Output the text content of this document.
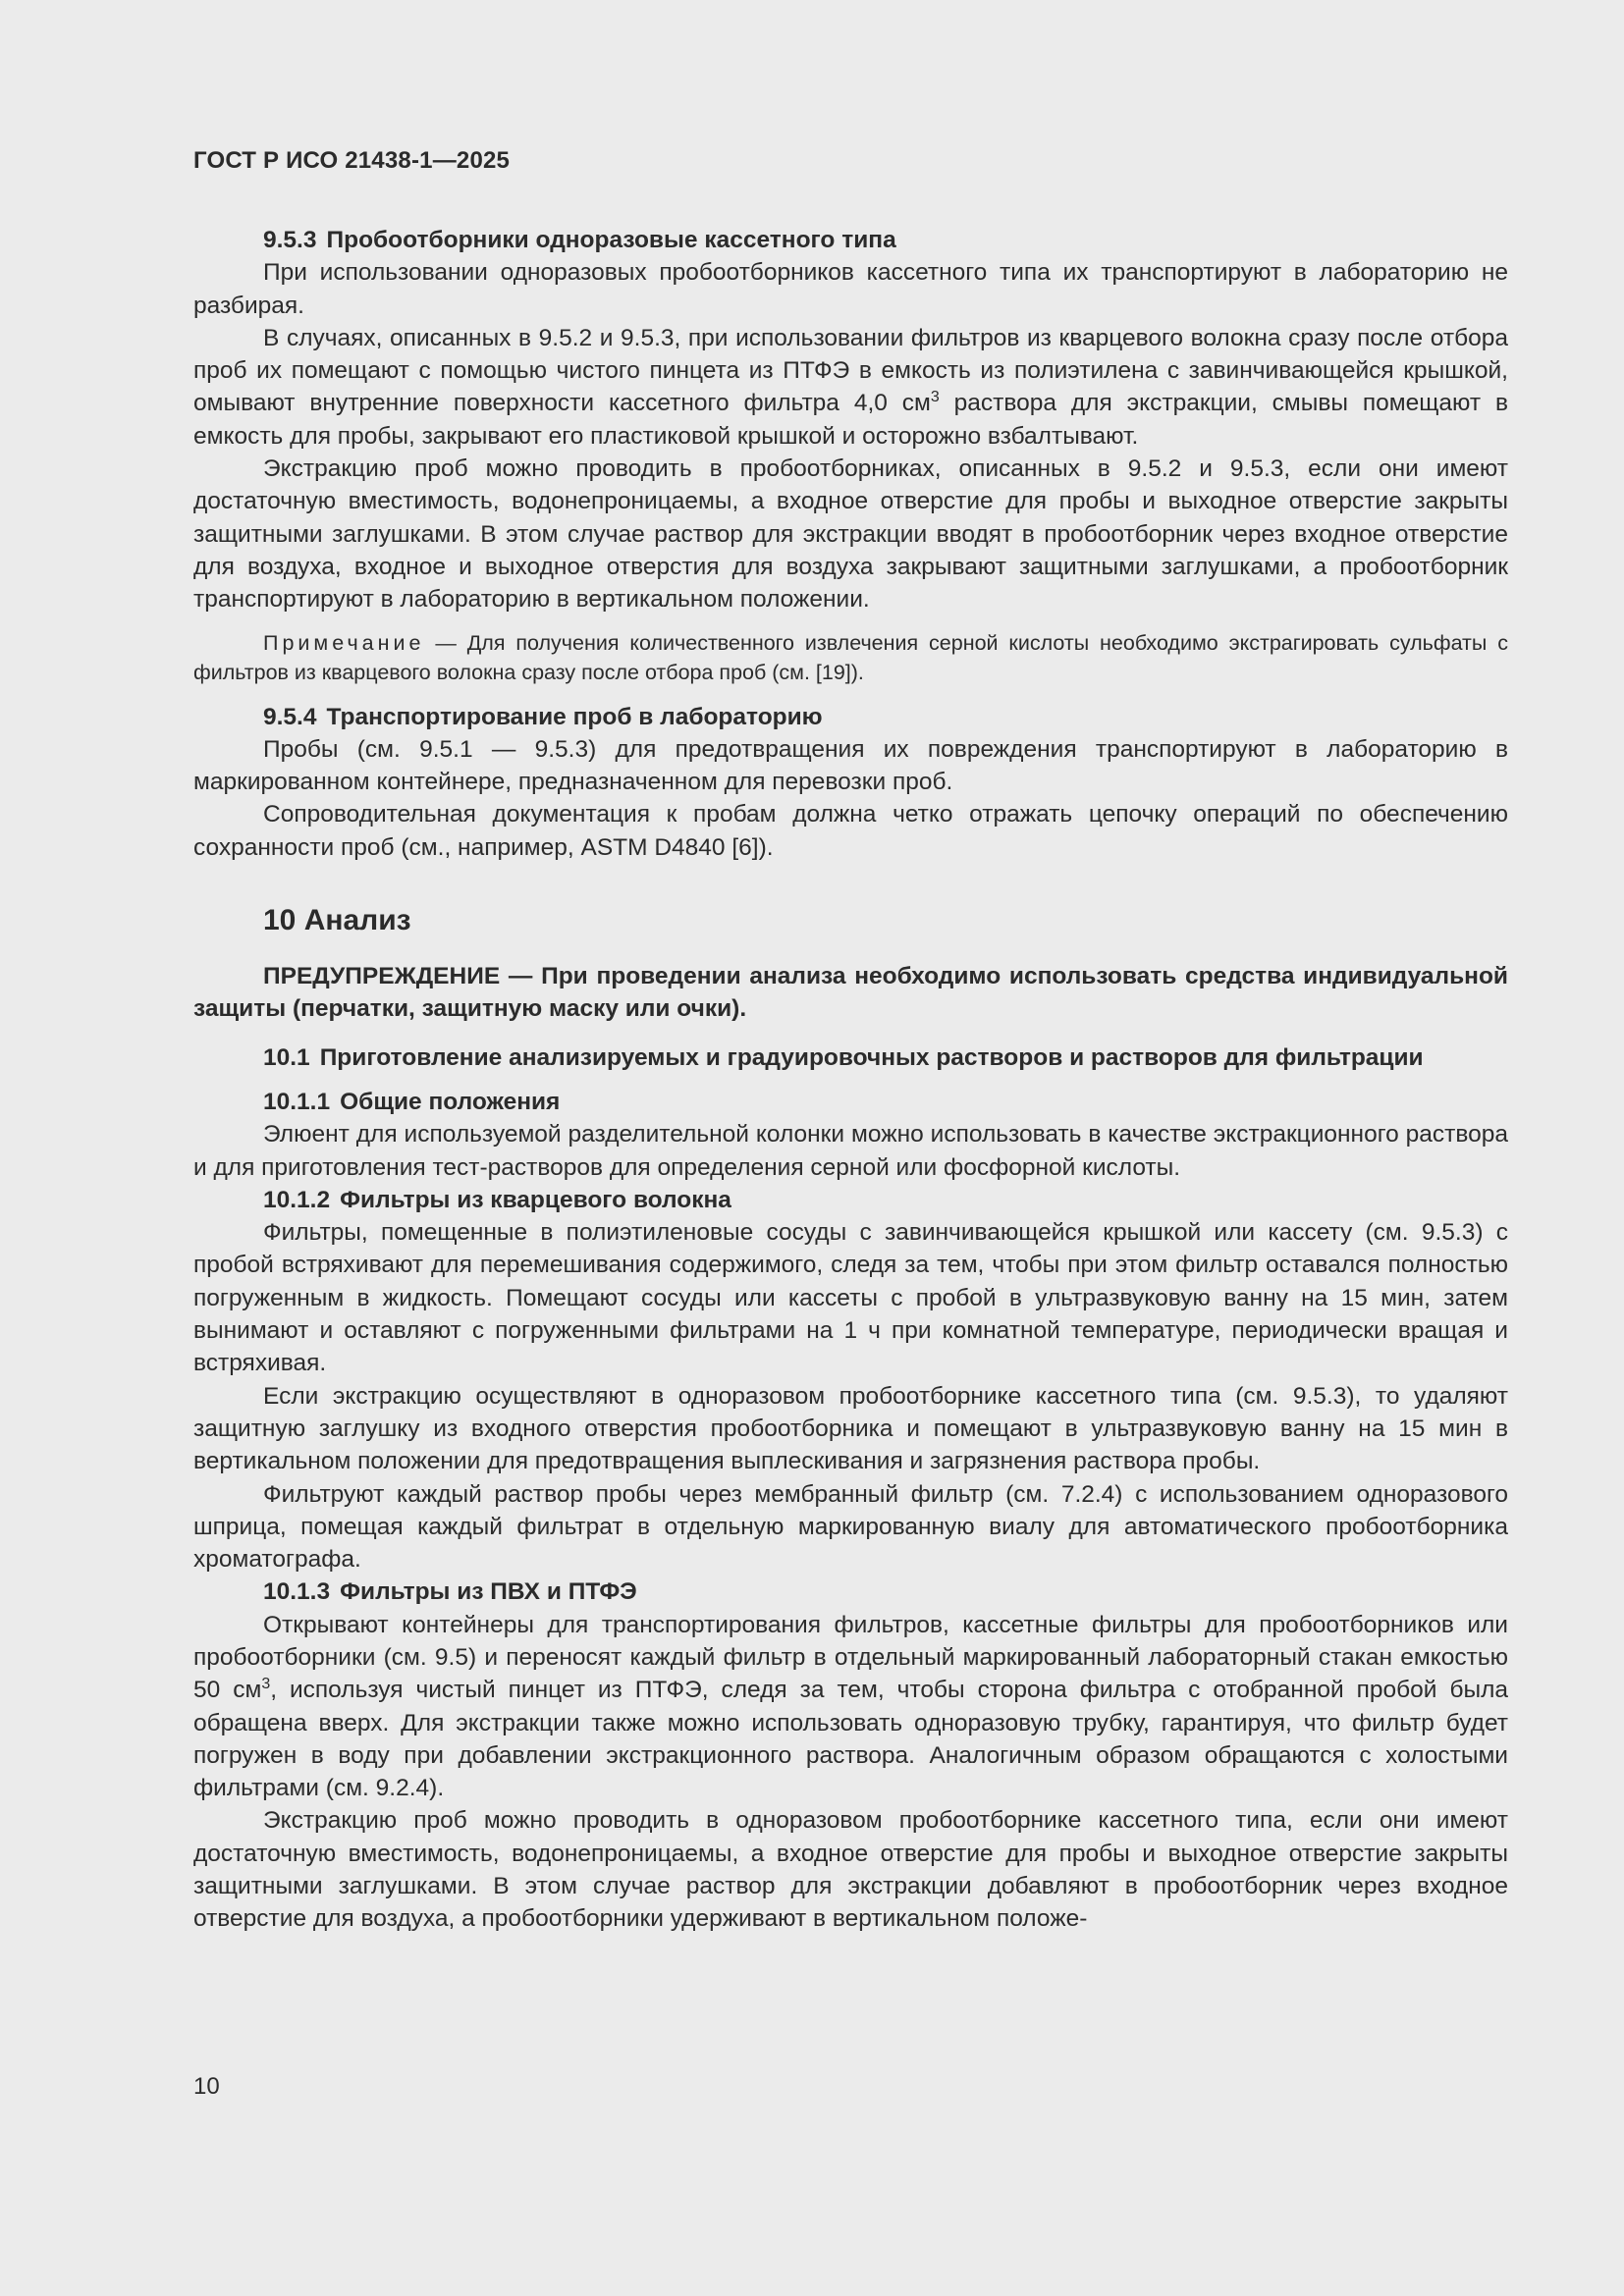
ГОСТ Р ИСО 21438-1—2025
9.5.3 Пробоотборники одноразовые кассетного типа

При использовании одноразовых пробоотборников кассетного типа их транспортируют в лабораторию не разбирая.

В случаях, описанных в 9.5.2 и 9.5.3, при использовании фильтров из кварцевого волокна сразу после отбора проб их помещают с помощью чистого пинцета из ПТФЭ в емкость из полиэтилена с завинчивающейся крышкой, омывают внутренние поверхности кассетного фильтра 4,0 $см^3$ раствора для экстракции, смывы помещают в емкость для пробы, закрывают его пластиковой крышкой и осторожно взбалтывают.

Экстракцию проб можно проводить в пробоотборниках, описанных в 9.5.2 и 9.5.3, если они имеют достаточную вместимость, водонепроницаемы, а входное отверстие для пробы и выходное отверстие закрыты защитными заглушками. В этом случае раствор для экстракции вводят в пробоотборник через входное отверстие для воздуха, входное и выходное отверстия для воздуха закрывают защитными заглушками, а пробоотборник транспортируют в лабораторию в вертикальном положении.

Примечание — Для получения количественного извлечения серной кислоты необходимо экстрагировать сульфаты с фильтров из кварцевого волокна сразу после отбора проб (см. [19]).

9.5.4 Транспортирование проб в лабораторию

Пробы (см. 9.5.1 — 9.5.3) для предотвращения их повреждения транспортируют в лабораторию в маркированном контейнере, предназначенном для перевозки проб.

Сопроводительная документация к пробам должна четко отражать цепочку операций по обеспечению сохранности проб (см., например, ASTM D4840 [6]).

10 Анализ

ПРЕДУПРЕЖДЕНИЕ — При проведении анализа необходимо использовать средства индивидуальной защиты (перчатки, защитную маску или очки).

10.1 Приготовление анализируемых и градуировочных растворов и растворов для фильтрации
10.1.1 Общие положения

Элюент для используемой разделительной колонки можно использовать в качестве экстракционного раствора и для приготовления тест-растворов для определения серной или фосфорной кислоты.

10.1.2 Фильтры из кварцевого волокна

Фильтры, помещенные в полиэтиленовые сосуды с завинчивающейся крышкой или кассету (см. 9.5.3) с пробой встряхивают для перемешивания содержимого, следя за тем, чтобы при этом фильтр оставался полностью погруженным в жидкость. Помещают сосуды или кассеты с пробой в ультразвуковую ванну на 15 мин, затем вынимают и оставляют с погруженными фильтрами на 1 ч при комнатной температуре, периодически вращая и встряхивая.

Если экстракцию осуществляют в одноразовом пробоотборнике кассетного типа (см. 9.5.3), то удаляют защитную заглушку из входного отверстия пробоотборника и помещают в ультразвуковую ванну на 15 мин в вертикальном положении для предотвращения выплескивания и загрязнения раствора пробы.

Фильтруют каждый раствор пробы через мембранный фильтр (см. 7.2.4) с использованием одноразового шприца, помещая каждый фильтрат в отдельную маркированную виалу для автоматического пробоотборника хроматографа.

10.1.3 Фильтры из ПВХ и ПТФЭ

Открывают контейнеры для транспортирования фильтров, кассетные фильтры для пробоотборников или пробоотборники (см. 9.5) и переносят каждый фильтр в отдельный маркированный лабораторный стакан емкостью 50 $см^3$, используя чистый пинцет из ПТФЭ, следя за тем, чтобы сторона фильтра с отобранной пробой была обращена вверх. Для экстракции также можно использовать одноразовую трубку, гарантируя, что фильтр будет погружен в воду при добавлении экстракционного раствора. Аналогичным образом обращаются с холостыми фильтрами (см. 9.2.4).

Экстракцию проб можно проводить в одноразовом пробоотборнике кассетного типа, если они имеют достаточную вместимость, водонепроницаемы, а входное отверстие для пробы и выходное отверстие закрыты защитными заглушками. В этом случае раствор для экстракции добавляют в пробоотборник через входное отверстие для воздуха, а пробоотборники удерживают в вертикальном положе-

10
